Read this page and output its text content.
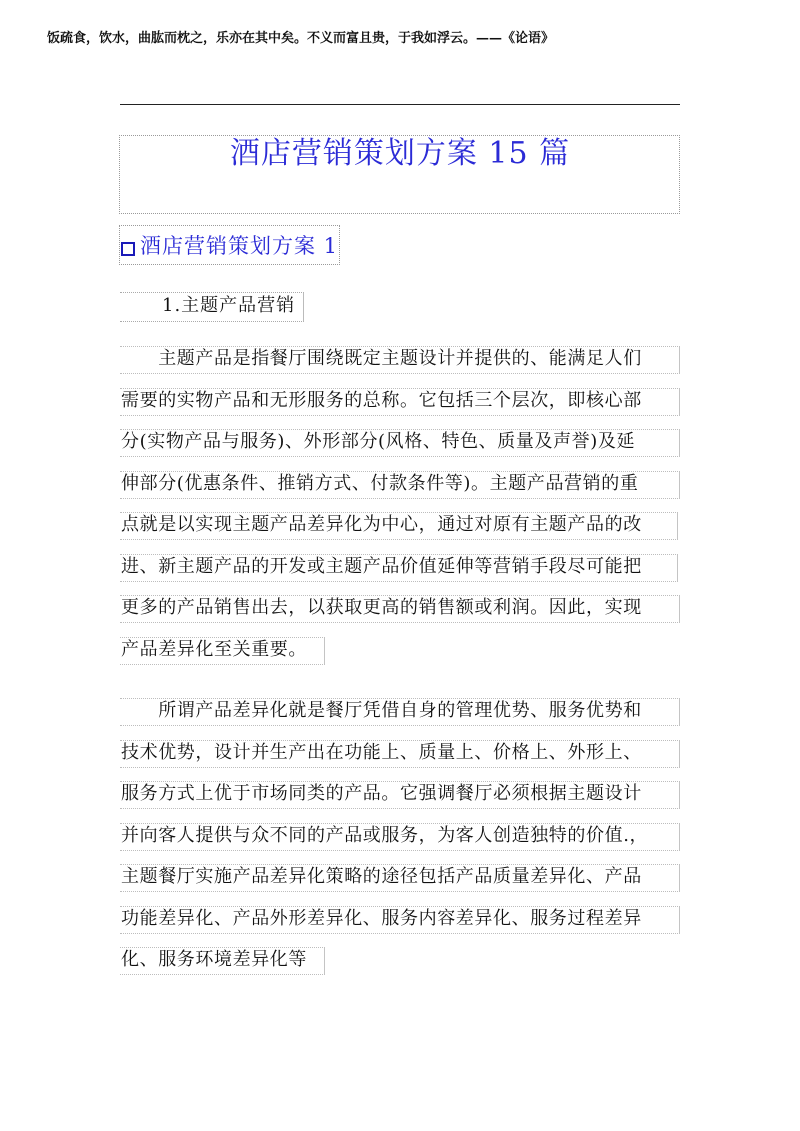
饭疏食，饮水，曲肱而枕之，乐亦在其中矣。不义而富且贵，于我如浮云。——《论语》
酒店营销策划方案 15 篇
酒店营销策划方案 1
1.主题产品营销
　　主题产品是指餐厅围绕既定主题设计并提供的、能满足人们
需要的实物产品和无形服务的总称。它包括三个层次，即核心部
分(实物产品与服务)、外形部分(风格、特色、质量及声誉)及延
伸部分(优惠条件、推销方式、付款条件等)。主题产品营销的重
点就是以实现主题产品差异化为中心，通过对原有主题产品的改
进、新主题产品的开发或主题产品价值延伸等营销手段尽可能把
更多的产品销售出去，以获取更高的销售额或利润。因此，实现
产品差异化至关重要。
　　所谓产品差异化就是餐厅凭借自身的管理优势、服务优势和
技术优势，设计并生产出在功能上、质量上、价格上、外形上、
服务方式上优于市场同类的产品。它强调餐厅必须根据主题设计
并向客人提供与众不同的产品或服务，为客人创造独特的价值.，
主题餐厅实施产品差异化策略的途径包括产品质量差异化、产品
功能差异化、产品外形差异化、服务内容差异化、服务过程差异
化、服务环境差异化等
